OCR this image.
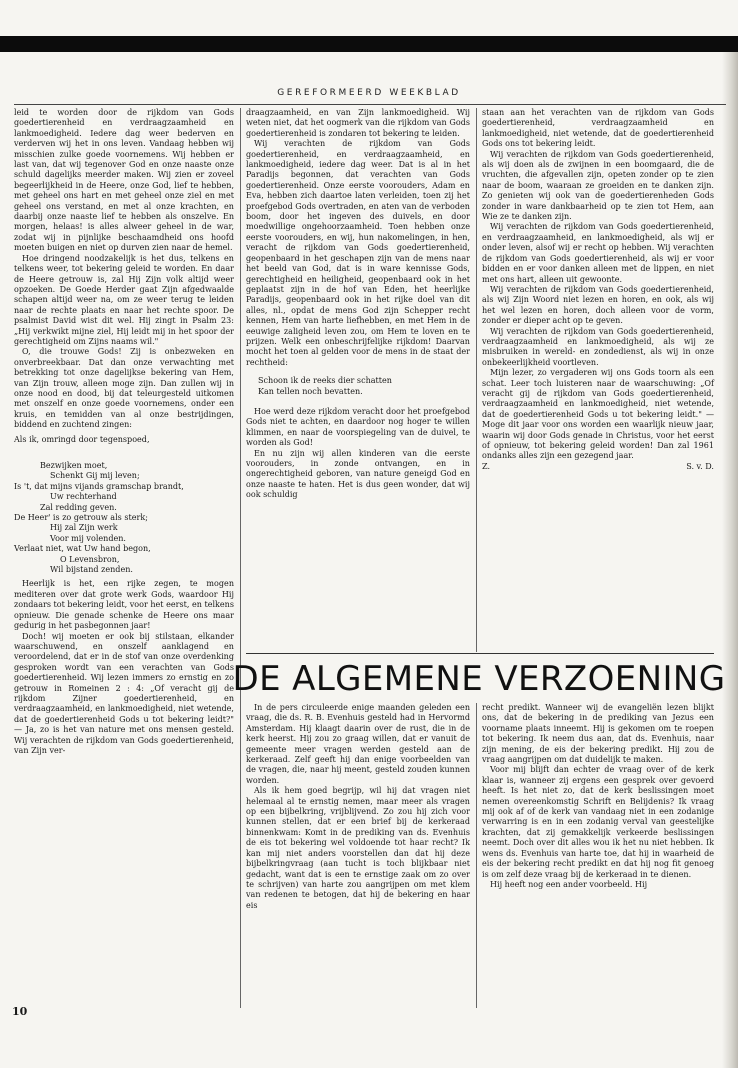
GEREFORMEERD WEEKBLAD

leid te worden door de rijkdom van Gods goedertierenheid en verdraagzaamheid en lankmoedigheid. Iedere dag weer bederven en verderven wij het in ons leven. Vandaag hebben wij misschien zulke goede voornemens. Wij hebben er last van, dat wij tegenover God en onze naaste onze schuld dagelijks meerder maken. Wij zien er zoveel begeerlijkheid in de Heere, onze God, lief te hebben, met geheel ons hart en met geheel onze ziel en met geheel ons verstand, en met al onze krachten, en daarbij onze naaste lief te hebben als onszelve. En morgen, helaas! is alles alweer geheel in de war, zodat wij in pijnlijke beschaamdheid ons hoofd moeten buigen en niet op durven zien naar de hemel.

Hoe dringend noodzakelijk is het dus, telkens en telkens weer, tot bekering geleid te worden. En daar de Heere getrouw is, zal Hij Zijn volk altijd weer opzoeken. De Goede Herder gaat Zijn afgedwaalde schapen altijd weer na, om ze weer terug te leiden naar de rechte plaats en naar het rechte spoor. De psalmist David wist dit wel. Hij zingt in Psalm 23: „Hij verkwikt mijne ziel, Hij leidt mij in het spoor der gerechtigheid om Zijns naams wil."

O, die trouwe Gods! Zij is onbezweken en onverbreekbaar. Dat dan onze verwachting met betrekking tot onze dagelijkse bekering van Hem, van Zijn trouw, alleen moge zijn. Dan zullen wij in onze nood en dood, bij dat teleurgesteld uitkomen met onszelf en onze goede voornemens, onder een kruis, en temidden van al onze bestrijdingen, biddend en zuchtend zingen:

Als ik, omringd door tegenspoed,
Bezwijken moet,
Schenkt Gij mij leven;
Is 't, dat mijns vijands gramschap brandt,
Uw rechterhand
Zal redding geven.
De Heer' is zo getrouw als sterk;
Hij zal Zijn werk
Voor mij volenden.
Verlaat niet, wat Uw hand begon,
O Levensbron,
Wil bijstand zenden.

Heerlijk is het, een rijke zegen, te mogen mediteren over dat grote werk Gods, waardoor Hij zondaars tot bekering leidt, voor het eerst, en telkens opnieuw. Die genade schenke de Heere ons maar gedurig in het pasbegonnen jaar!

Doch! wij moeten er ook bij stilstaan, elkander waarschuwend, en onszelf aanklagend en veroordelend, dat er in de stof van onze overdenking gesproken wordt van een verachten van Gods goedertierenheid. Wij lezen immers zo ernstig en zo getrouw in Romeinen 2 : 4: „Of veracht gij de rijkdom Zijner goedertierenheid, en verdraagzaamheid, en lankmoedigheid, niet wetende, dat de goedertierenheid Gods u tot bekering leidt?" — Ja, zo is het van nature met ons mensen gesteld. Wij verachten de rijkdom van Gods goedertierenheid, van Zijn ver-

draagzaamheid, en van Zijn lankmoedigheid. Wij weten niet, dat het oogmerk van die rijkdom van Gods goedertierenheid is zondaren tot bekering te leiden.

Wij verachten de rijkdom van Gods goedertierenheid, en verdraagzaamheid, en lankmoedigheid, iedere dag weer. Dat is al in het Paradijs begonnen, dat verachten van Gods goedertierenheid. Onze eerste voorouders, Adam en Eva, hebben zich daartoe laten verleiden, toen zij het proefgebod Gods overtraden, en aten van de verboden boom, door het ingeven des duivels, en door moedwillige ongehoorzaamheid. Toen hebben onze eerste voorouders, en wij, hun nakomelingen, in hen, veracht de rijkdom van Gods goedertierenheid, geopenbaard in het geschapen zijn van de mens naar het beeld van God, dat is in ware kennisse Gods, gerechtigheid en heiligheid, geopenbaard ook in het geplaatst zijn in de hof van Eden, het heerlijke Paradijs, geopenbaard ook in het rijke doel van dit alles, nl., opdat de mens God zijn Schepper recht kennen, Hem van harte liefhebben, en met Hem in de eeuwige zaligheid leven zou, om Hem te loven en te prijzen. Welk een onbeschrijfelijke rijkdom! Daarvan mocht het toen al gelden voor de mens in de staat der rechtheid:

Schoon ik de reeks dier schatten
Kan tellen noch bevatten.

Hoe werd deze rijkdom veracht door het proefgebod Gods niet te achten, en daardoor nog hoger te willen klimmen, en naar de voorspiegeling van de duivel, te worden als God!

En nu zijn wij allen kinderen van die eerste voorouders, in zonde ontvangen, en in ongerechtigheid geboren, van nature geneigd God en onze naaste te haten. Het is dus geen wonder, dat wij ook schuldig

staan aan het verachten van de rijkdom van Gods goedertierenheid, verdraagzaamheid en lankmoedigheid, niet wetende, dat de goedertierenheid Gods ons tot bekering leidt.

Wij verachten de rijkdom van Gods goedertierenheid, als wij doen als de zwijnen in een boomgaard, die de vruchten, die afgevallen zijn, opeten zonder op te zien naar de boom, waaraan ze groeiden en te danken zijn. Zo genieten wij ook van de goedertierenheden Gods zonder in ware dankbaarheid op te zien tot Hem, aan Wie ze te danken zijn.

Wij verachten de rijkdom van Gods goedertierenheid, en verdraagzaamheid, en lankmoedigheid, als wij er onder leven, alsof wij er recht op hebben. Wij verachten de rijkdom van Gods goedertierenheid, als wij er voor bidden en er voor danken alleen met de lippen, en niet met ons hart, alleen uit gewoonte.

Wij verachten de rijkdom van Gods goedertierenheid, als wij Zijn Woord niet lezen en horen, en ook, als wij het wel lezen en horen, doch alleen voor de vorm, zonder er dieper acht op te geven.

Wij verachten de rijkdom van Gods goedertierenheid, verdraagzaamheid en lankmoedigheid, als wij ze misbruiken in wereld- en zondedienst, als wij in onze onbekeerlijkheid voortleven.

Mijn lezer, zo vergaderen wij ons Gods toorn als een schat. Leer toch luisteren naar de waarschuwing: „Of veracht gij de rijkdom van Gods goedertierenheid, verdraagzaamheid en lankmoedigheid, niet wetende, dat de goedertierenheid Gods u tot bekering leidt." — Moge dit jaar voor ons worden een waarlijk nieuw jaar, waarin wij door Gods genade in Christus, voor het eerst of opnieuw, tot bekering geleid worden! Dan zal 1961 ondanks alles zijn een gezegend jaar.

Z.	S. v. D.
DE ALGEMENE VERZOENING

In de pers circuleerde enige maanden geleden een vraag, die ds. R. B. Evenhuis gesteld had in Hervormd Amsterdam. Hij klaagt daarin over de rust, die in de kerk heerst. Hij zou zo graag willen, dat er vanuit de gemeente meer vragen werden gesteld aan de kerkeraad. Zelf geeft hij dan enige voorbeelden van de vragen, die, naar hij meent, gesteld zouden kunnen worden.

Als ik hem goed begrijp, wil hij dat vragen niet helemaal al te ernstig nemen, maar meer als vragen op een bijbelkring, vrijblijvend. Zo zou hij zich voor kunnen stellen, dat er een brief bij de kerkeraad binnenkwam: Komt in de prediking van ds. Evenhuis de eis tot bekering wel voldoende tot haar recht? Ik kan mij niet anders voorstellen dan dat hij deze bijbelkringvraag (aan tucht is toch blijkbaar niet gedacht, want dat is een te ernstige zaak om zo over te schrijven) van harte zou aangrijpen om met klem van redenen te betogen, dat hij de bekering en haar eis

recht predikt. Wanneer wij de evangeliën lezen blijkt ons, dat de bekering in de prediking van Jezus een voorname plaats inneemt. Hij is gekomen om te roepen tot bekering. Ik neem dus aan, dat ds. Evenhuis, naar zijn mening, de eis der bekering predikt. Hij zou de vraag aangrijpen om dat duidelijk te maken.

Voor mij blijft dan echter de vraag over of de kerk klaar is, wanneer zij ergens een gesprek over gevoerd heeft. Is het niet zo, dat de kerk beslissingen moet nemen overeenkomstig Schrift en Belijdenis? Ik vraag mij ook af of de kerk van vandaag niet in een zodanige verwarring is en in een zodanig verval van geestelijke krachten, dat zij gemakkelijk verkeerde beslissingen neemt. Doch over dit alles wou ik het nu niet hebben. Ik wens ds. Evenhuis van harte toe, dat hij in waarheid de eis der bekering recht predikt en dat hij nog fit genoeg is om zelf deze vraag bij de kerkeraad in te dienen.

Hij heeft nog een ander voorbeeld. Hij

10
